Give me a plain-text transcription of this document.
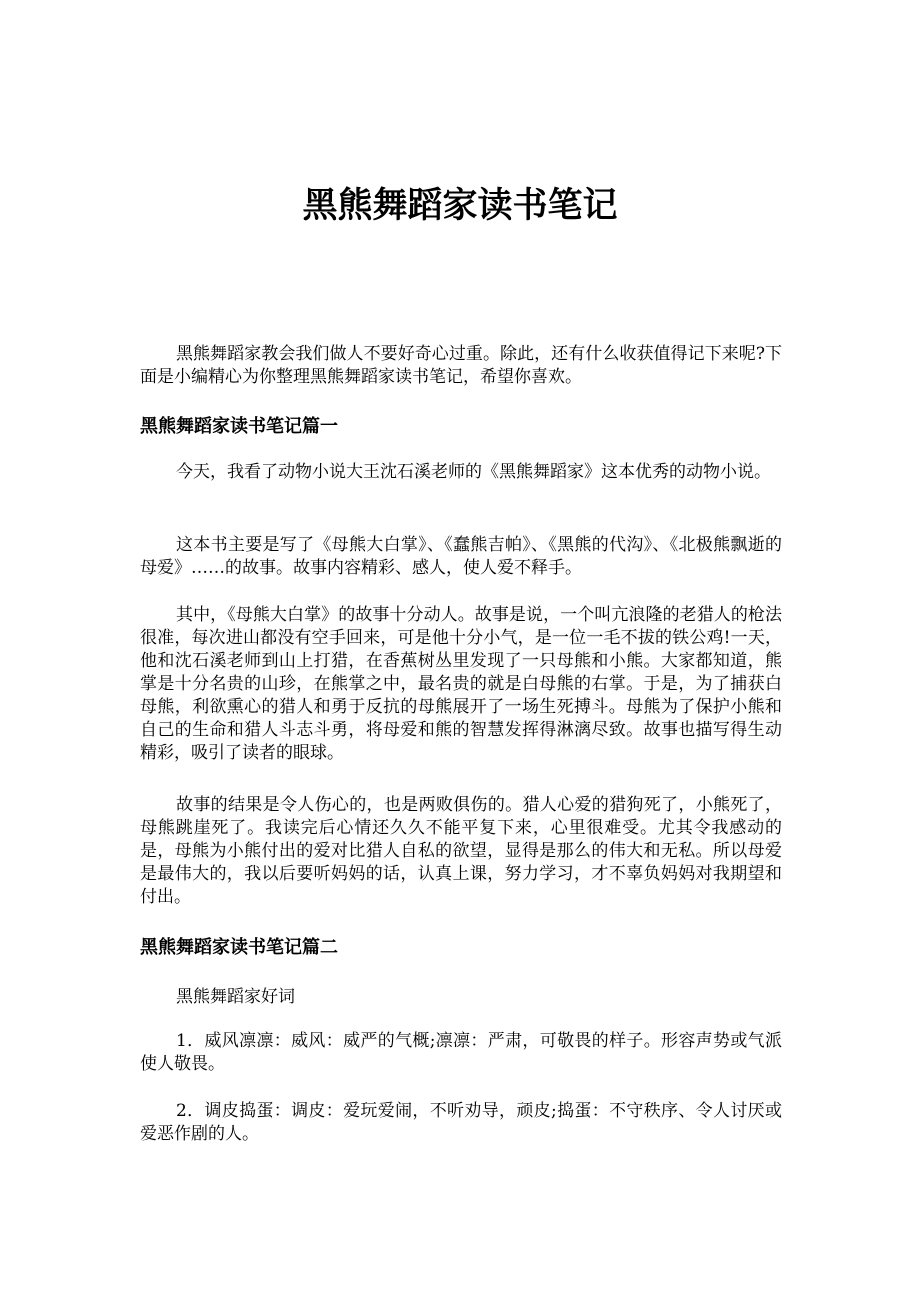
黑熊舞蹈家读书笔记

黑熊舞蹈家教会我们做人不要好奇心过重。除此，还有什么收获值得记下来呢?下面是小编精心为你整理黑熊舞蹈家读书笔记，希望你喜欢。

黑熊舞蹈家读书笔记篇一

今天，我看了动物小说大王沈石溪老师的《黑熊舞蹈家》这本优秀的动物小说。

这本书主要是写了《母熊大白掌》、《蠢熊吉帕》、《黑熊的代沟》、《北极熊飘逝的母爱》……的故事。故事内容精彩、感人，使人爱不释手。

其中，《母熊大白掌》的故事十分动人。故事是说，一个叫亢浪隆的老猎人的枪法很准，每次进山都没有空手回来，可是他十分小气，是一位一毛不拔的铁公鸡!一天，他和沈石溪老师到山上打猎，在香蕉树丛里发现了一只母熊和小熊。大家都知道，熊掌是十分名贵的山珍，在熊掌之中，最名贵的就是白母熊的右掌。于是，为了捕获白母熊，利欲熏心的猎人和勇于反抗的母熊展开了一场生死搏斗。母熊为了保护小熊和自己的生命和猎人斗志斗勇，将母爱和熊的智慧发挥得淋漓尽致。故事也描写得生动精彩，吸引了读者的眼球。

故事的结果是令人伤心的，也是两败俱伤的。猎人心爱的猎狗死了，小熊死了，母熊跳崖死了。我读完后心情还久久不能平复下来，心里很难受。尤其令我感动的是，母熊为小熊付出的爱对比猎人自私的欲望，显得是那么的伟大和无私。所以母爱是最伟大的，我以后要听妈妈的话，认真上课，努力学习，才不辜负妈妈对我期望和付出。

黑熊舞蹈家读书笔记篇二

黑熊舞蹈家好词

1．威风凛凛：威风：威严的气概;凛凛：严肃，可敬畏的样子。形容声势或气派使人敬畏。

2．调皮捣蛋：调皮：爱玩爱闹，不听劝导，顽皮;捣蛋：不守秩序、令人讨厌或爱恶作剧的人。
